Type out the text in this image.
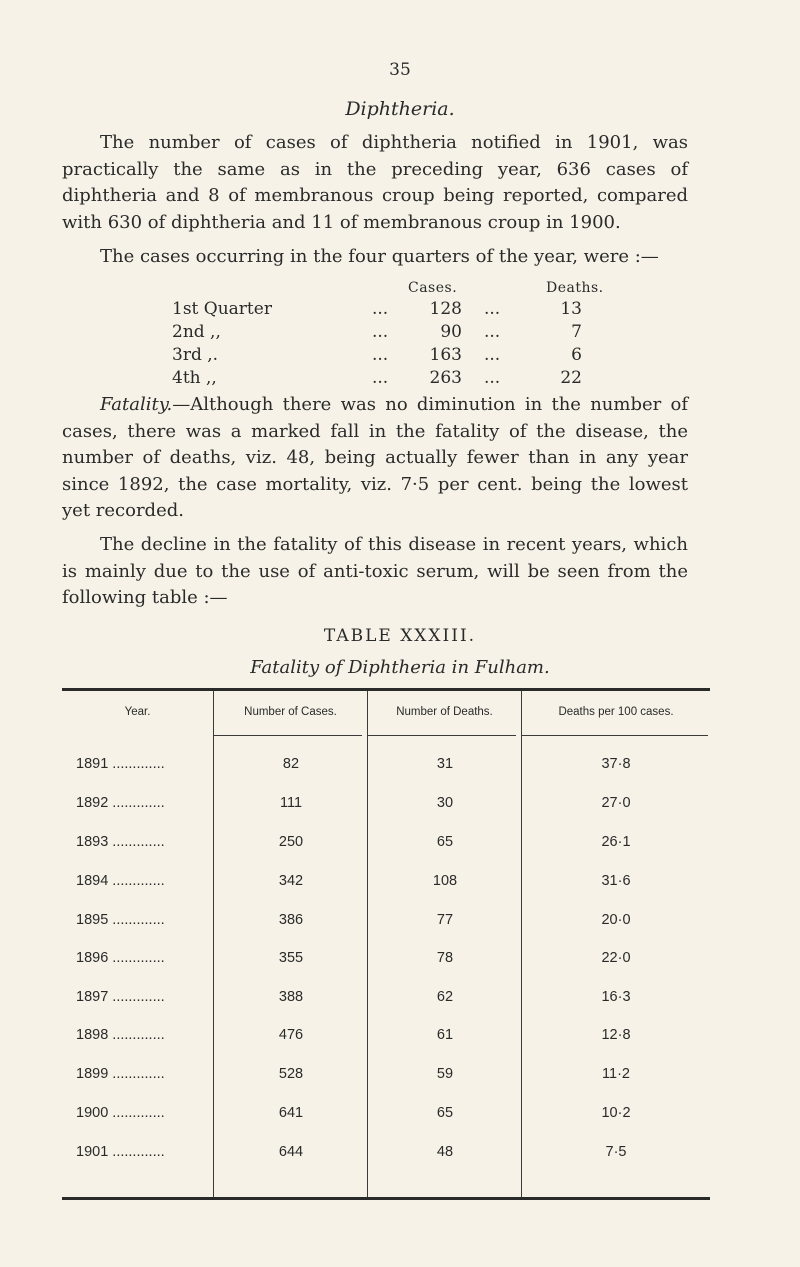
35
Diphtheria.

The number of cases of diphtheria notified in 1901, was practically the same as in the preceding year, 636 cases of diphtheria and 8 of membranous croup being reported, compared with 630 of diphtheria and 11 of membranous croup in 1900.

The cases occurring in the four quarters of the year, were :—

Cases.	Deaths.
1st Quarter	...	128 ...	13
2nd ,,	...	90 ...	7
3rd ,.	...	163 ...	6
4th ,,	...	263 ...	22

Fatality.—Although there was no diminution in the number of cases, there was a marked fall in the fatality of the disease, the number of deaths, viz. 48, being actually fewer than in any year since 1892, the case mortality, viz. 7·5 per cent. being the lowest yet recorded.

The decline in the fatality of this disease in recent years, which is mainly due to the use of anti-toxic serum, will be seen from the following table :—

TABLE XXXIII.
Fatality of Diphtheria in Fulham.
Year.	Number of Cases.	Number of Deaths.	Deaths per 100 cases.
1891 .............	82	31	37·8
1892 .............	111	30	27·0
1893 .............	250	65	26·1
1894 .............	342	108	31·6
1895 .............	386	77	20·0
1896 .............	355	78	22·0
1897 .............	388	62	16·3
1898 .............	476	61	12·8
1899 .............	528	59	11·2
1900 .............	641	65	10·2
1901 .............	644	48	7·5
